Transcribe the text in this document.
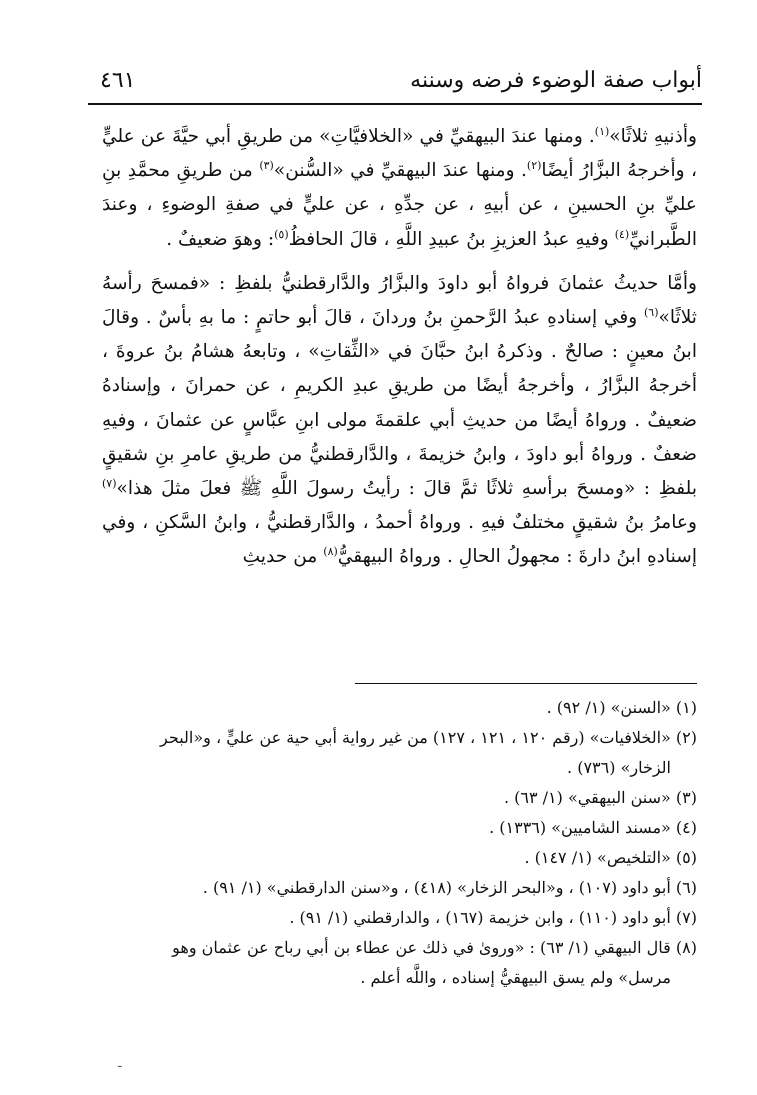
أبواب صفة الوضوء فرضه وسننه
٤٦١

وأذنيهِ ثلاثًا»$^{(١)}$. ومنها عندَ البيهقيِّ في «الخلافيَّاتِ» من طريقِ أبي حيَّةَ عن عليٍّ ، وأخرجهُ البزَّارُ أيضًا$^{(٢)}$. ومنها عندَ البيهقيِّ في «السُّنن»$^{(٣)}$ من طريقِ محمَّدِ بنِ عليِّ بنِ الحسينِ ، عن أبيهِ ، عن جدِّهِ ، عن عليٍّ في صفةِ الوضوءِ ، وعندَ الطَّبرانيِّ$^{(٤)}$ وفيهِ عبدُ العزيزِ بنُ عبيدِ اللَّهِ ، قالَ الحافظُ$^{(٥)}$: وهوَ ضعيفٌ .

وأمَّا حديثُ عثمانَ فرواهُ أبو داودَ والبزَّارُ والدَّارقطنيُّ بلفظِ : «فمسحَ رأسهُ ثلاثًا»$^{(٦)}$ وفي إسنادهِ عبدُ الرَّحمنِ بنُ وردانَ ، قالَ أبو حاتمٍ : ما بهِ بأسٌ . وقالَ ابنُ معينٍ : صالحٌ . وذكرهُ ابنُ حبَّانَ في «الثِّقاتِ» ، وتابعهُ هشامُ بنُ عروةَ ، أخرجهُ البزَّارُ ، وأخرجهُ أيضًا من طريقِ عبدِ الكريمِ ، عن حمرانَ ، وإسنادهُ ضعيفٌ . ورواهُ أيضًا من حديثِ أبي علقمةَ مولى ابنِ عبَّاسٍ عن عثمانَ ، وفيهِ ضعفٌ . ورواهُ أبو داودَ ، وابنُ خزيمةَ ، والدَّارقطنيُّ من طريقِ عامرِ بنِ شقيقٍ بلفظِ : «ومسحَ برأسهِ ثلاثًا ثمَّ قالَ : رأيتُ رسولَ اللَّهِ ﷺ فعلَ مثلَ هذا»$^{(٧)}$ وعامرُ بنُ شقيقٍ مختلفٌ فيهِ . ورواهُ أحمدُ ، والدَّارقطنيُّ ، وابنُ السَّكنِ ، وفي إسنادهِ ابنُ دارةَ : مجهولُ الحالِ . ورواهُ البيهقيُّ$^{(٨)}$ من حديثِ

(١) «السنن» (١/ ٩٢) .

(٢) «الخلافيات» (رقم ١٢٠ ، ١٢١ ، ١٢٧) من غير رواية أبي حية عن عليٍّ ، و«البحر

الزخار» (٧٣٦) .

(٣) «سنن البيهقي» (١/ ٦٣) .

(٤) «مسند الشاميين» (١٣٣٦) .

(٥) «التلخيص» (١/ ١٤٧) .

(٦) أبو داود (١٠٧) ، و«البحر الزخار» (٤١٨) ، و«سنن الدارقطني» (١/ ٩١) .

(٧) أبو داود (١١٠) ، وابن خزيمة (١٦٧) ، والدارقطني (١/ ٩١) .

(٨) قال البيهقي (١/ ٦٣) : «وروىٰ في ذلك عن عطاء بن أبي رباح عن عثمان وهو

مرسل» ولم يسق البيهقيُّ إسناده ، واللَّه أعلم .

ـ
